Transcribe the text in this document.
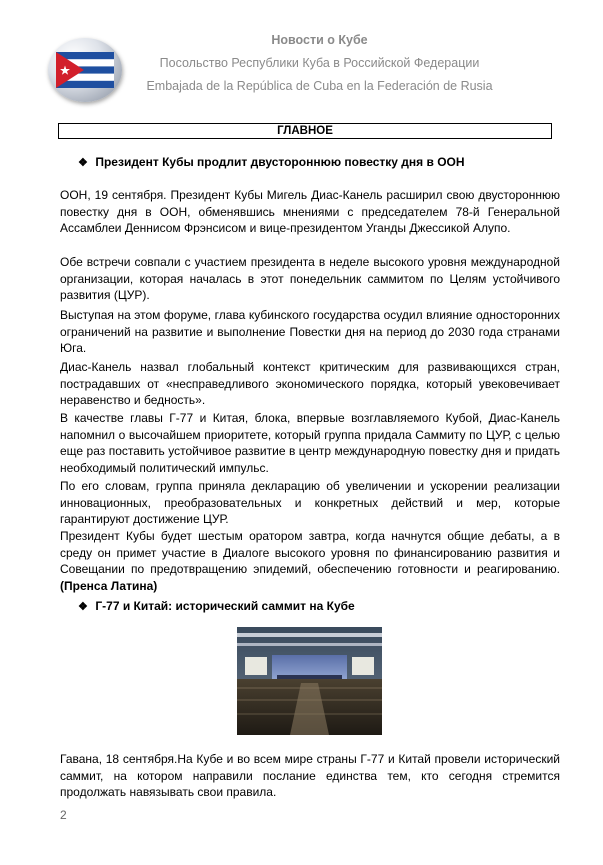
Новости о Кубе
Посольство Республики Куба в Российской Федерации
Embajada de la República de Cuba en la Federación de Rusia
ГЛАВНОЕ
❖ Президент Кубы продлит двустороннюю повестку дня в ООН

ООН, 19 сентября. Президент Кубы Мигель Диас-Канель расширил свою двустороннюю повестку дня в ООН, обменявшись мнениями с председателем 78-й Генеральной Ассамблеи Деннисом Фрэнсисом и вице-президентом Уганды Джессикой Алупо.

Обе встречи совпали с участием президента в неделе высокого уровня международной организации, которая началась в этот понедельник саммитом по Целям устойчивого развития (ЦУР).

Выступая на этом форуме, глава кубинского государства осудил влияние односторонних ограничений на развитие и выполнение Повестки дня на период до 2030 года странами Юга.

Диас-Канель назвал глобальный контекст критическим для развивающихся стран, пострадавших от «несправедливого экономического порядка, который увековечивает неравенство и бедность».

В качестве главы Г-77 и Китая, блока, впервые возглавляемого Кубой, Диас-Канель напомнил о высочайшем приоритете, который группа придала Саммиту по ЦУР, с целью еще раз поставить устойчивое развитие в центр международную повестку дня и придать необходимый политический импульс.

По его словам, группа приняла декларацию об увеличении и ускорении реализации инновационных, преобразовательных и конкретных действий и мер, которые гарантируют достижение ЦУР.

Президент Кубы будет шестым оратором завтра, когда начнутся общие дебаты, а в среду он примет участие в Диалоге высокого уровня по финансированию развития и Совещании по предотвращению эпидемий, обеспечению готовности и реагированию. (Пренса Латина)

❖ Г-77 и Китай: исторический саммит на Кубе

Гавана, 18 сентября.На Кубе и во всем мире страны Г-77 и Китай провели исторический саммит, на котором направили послание единства тем, кто сегодня стремится продолжать навязывать свои правила.

2
